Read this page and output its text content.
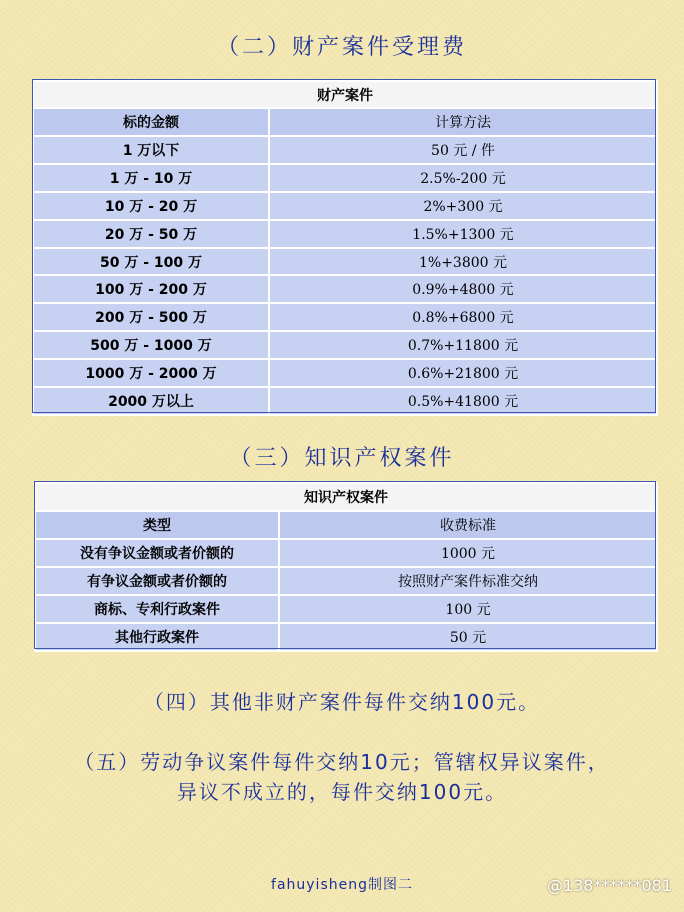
（二）财产案件受理费
财产案件	
标的金额	计算方法
1 万以下	50 元 / 件
1 万 - 10 万	2.5%-200 元
10 万 - 20 万	2%+300 元
20 万 - 50 万	1.5%+1300 元
50 万 - 100 万	1%+3800 元
100 万 - 200 万	0.9%+4800 元
200 万 - 500 万	0.8%+6800 元
500 万 - 1000 万	0.7%+11800 元
1000 万 - 2000 万	0.6%+21800 元
2000 万以上	0.5%+41800 元
（三）知识产权案件
知识产权案件	
类型	收费标准
没有争议金额或者价额的	1000 元
有争议金额或者价额的	按照财产案件标准交纳
商标、专利行政案件	100 元
其他行政案件	50 元
（四）其他非财产案件每件交纳100元。
（五）劳动争议案件每件交纳10元；管辖权异议案件，
异议不成立的，每件交纳100元。
fahuyisheng制图二	@138******081
